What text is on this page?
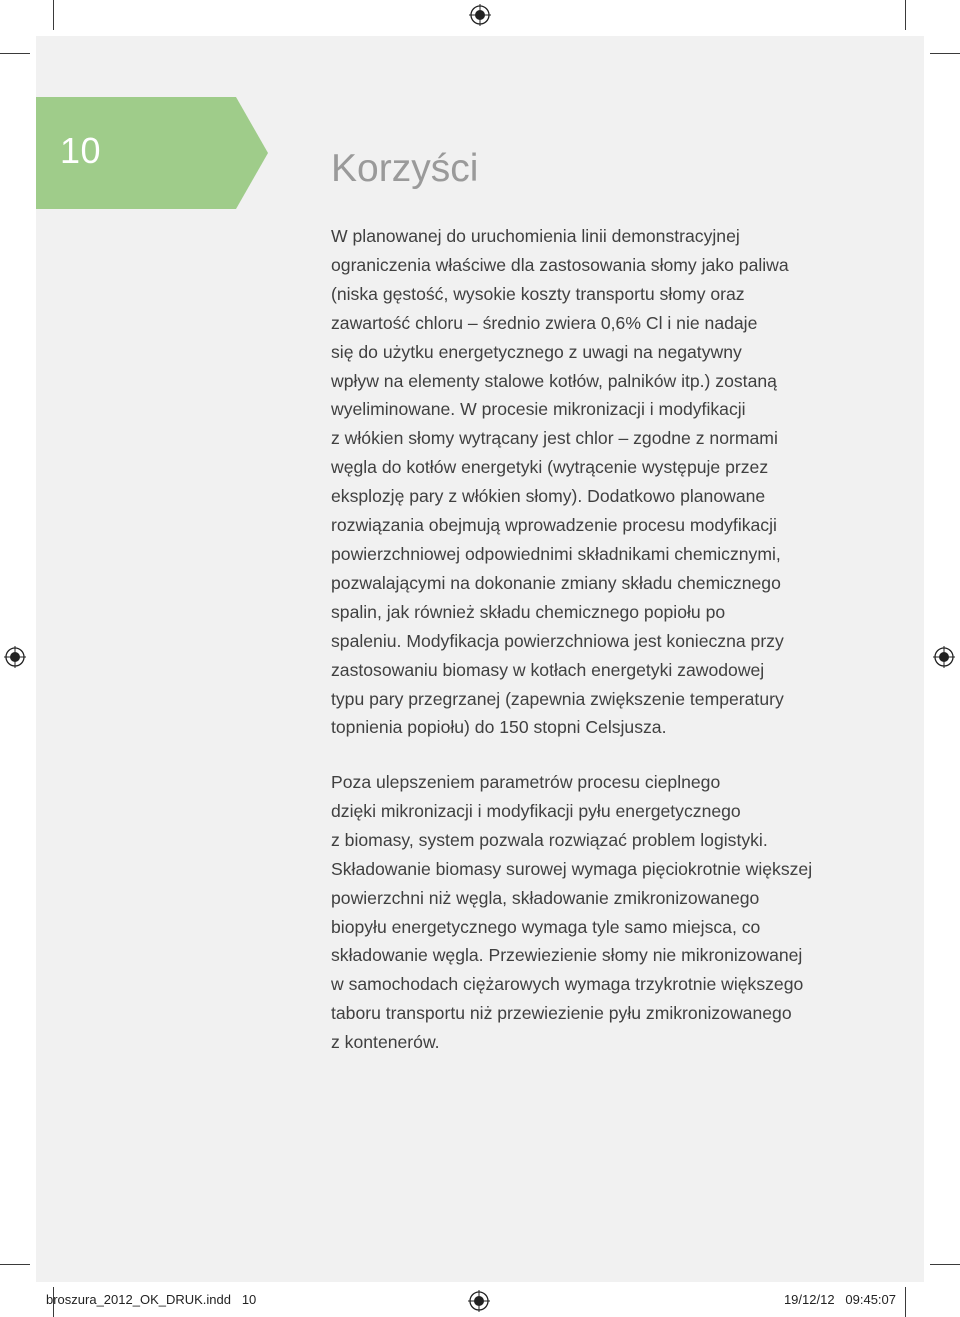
10	Korzyści

W planowanej do uruchomienia linii demonstracyjnej
ograniczenia właściwe dla zastosowania słomy jako paliwa
(niska gęstość, wysokie koszty transportu słomy oraz
zawartość chloru – średnio zwiera 0,6% Cl i nie nadaje
się do użytku energetycznego z uwagi na negatywny
wpływ na elementy stalowe kotłów, palników itp.) zostaną
wyeliminowane. W procesie mikronizacji i modyfikacji
z włókien słomy wytrącany jest chlor – zgodne z normami
węgla do kotłów energetyki (wytrącenie występuje przez
eksplozję pary z włókien słomy). Dodatkowo planowane
rozwiązania obejmują wprowadzenie procesu modyfikacji
powierzchniowej odpowiednimi składnikami chemicznymi,
pozwalającymi na dokonanie zmiany składu chemicznego
spalin, jak również składu chemicznego popiołu po
spaleniu. Modyfikacja powierzchniowa jest konieczna przy
zastosowaniu biomasy w kotłach energetyki zawodowej
typu pary przegrzanej (zapewnia zwiększenie temperatury
topnienia popiołu) do 150 stopni Celsjusza.

Poza ulepszeniem parametrów procesu cieplnego
dzięki mikronizacji i modyfikacji pyłu energetycznego
z biomasy, system pozwala rozwiązać problem logistyki.
Składowanie biomasy surowej wymaga pięciokrotnie większej
powierzchni niż węgla, składowanie zmikronizowanego
biopyłu energetycznego wymaga tyle samo miejsca, co
składowanie węgla. Przewiezienie słomy nie mikronizowanej
w samochodach ciężarowych wymaga trzykrotnie większego
taboru transportu niż przewiezienie pyłu zmikronizowanego
z kontenerów.

broszura_2012_OK_DRUK.indd   10	19/12/12   09:45:07
